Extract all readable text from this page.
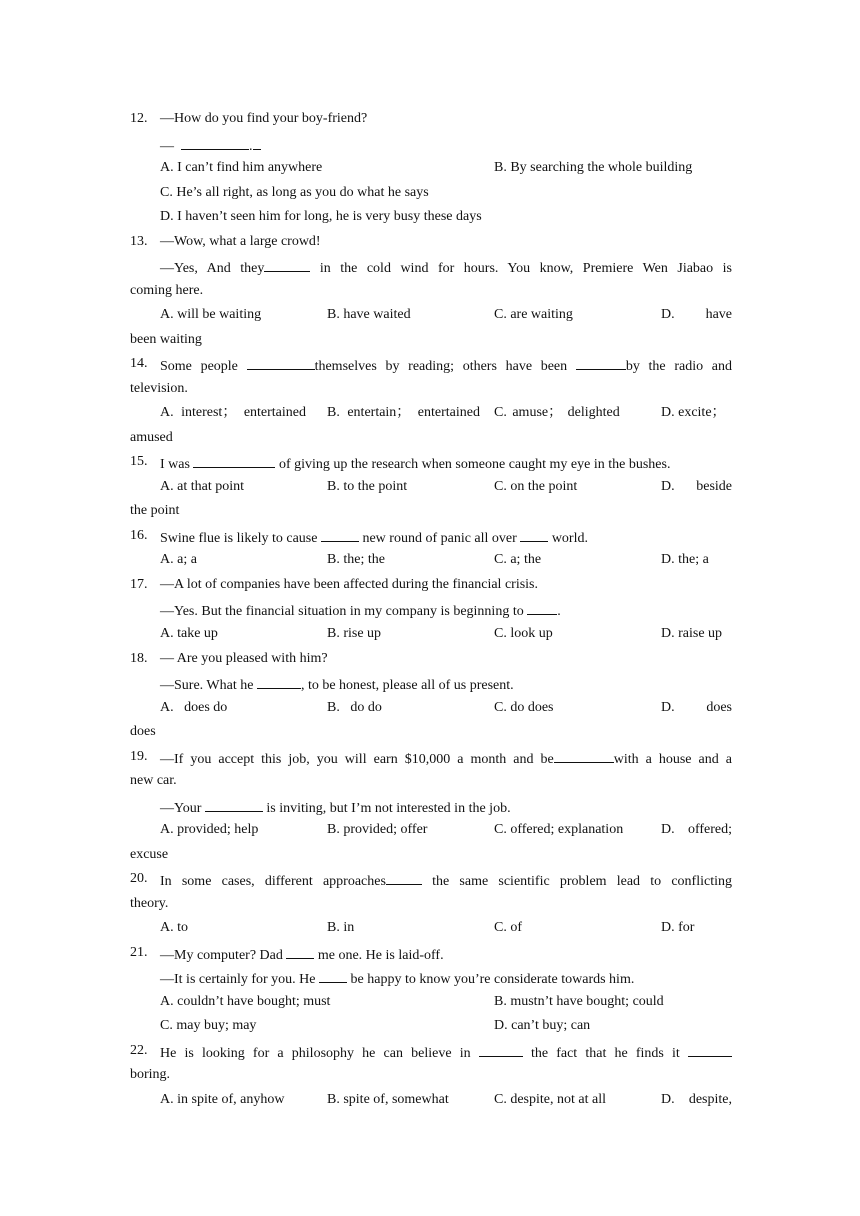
12. —How do you find your boy-friend?
—	.
A. I can’t find him anywhere	B. By searching the whole building
C. He’s all right, as long as you do what he says
D. I haven’t seen him for long, he is very busy these days
13. —Wow, what a large crowd!
—Yes, And they	in the cold wind for hours. You know, Premiere Wen Jiabao is
coming here.
A. will be waiting	B. have waited	C. are waiting	D. have
been waiting
14. Some people	themselves by reading; others have been	by the radio and
television.
A. interest； entertained B. entertain； entertained C. amuse； delighted	D. excite；
amused
15. I was	of giving up the research when someone caught my eye in the bushes.
A. at that point	B. to the point	C. on the point	D. beside
the point
16. Swine flue is likely to cause	new round of panic all over  world.
A. a; a	B. the; the	C. a; the	D. the; a
17. —A lot of companies have been affected during the financial crisis.
—Yes. But the financial situation in my company is beginning to .
A. take up	B. rise up	C. look up	D. raise up
18. — Are you pleased with him?
—Sure. What he	, to be honest, please all of us present.
A.   does do	B.   do do	C. do does	D. does
does
19. —If you accept this job, you will earn $10,000 a month and be	with a house and a
new car.
—Your	is inviting, but I’m not interested in the job.
A. provided; help	B. provided; offer	C. offered; explanation	D. offered;
excuse
20. In some cases, different approaches	the same scientific problem lead to conflicting
theory.
A. to	B. in	C. of	D. for
21. —My computer? Dad  me one. He is laid-off.
—It is certainly for you. He  be happy to know you’re considerate towards him.
A. couldn’t have bought; must	B. mustn’t have bought; could
C. may buy; may	D. can’t buy; can
22. He is looking for a philosophy he can believe in	the fact that he finds it
boring.
A. in spite of, anyhow	B. spite of, somewhat	C. despite, not at all	D. despite,
